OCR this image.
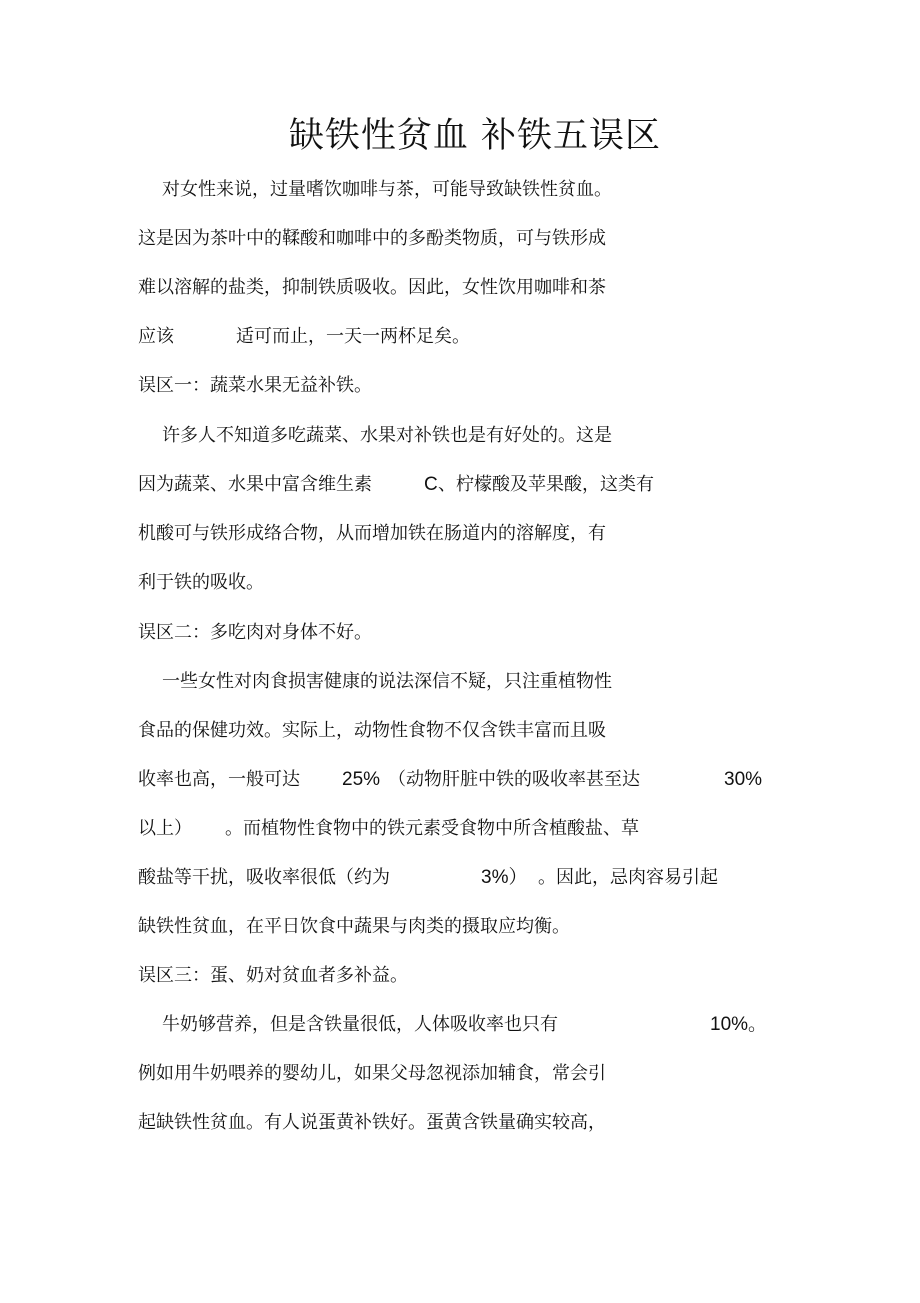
缺铁性贫血 补铁五误区

对女性来说，过量嗜饮咖啡与茶，可能导致缺铁性贫血。

这是因为茶叶中的鞣酸和咖啡中的多酚类物质，可与铁形成

难以溶解的盐类，抑制铁质吸收。因此，女性饮用咖啡和茶

应该	适可而止，一天一两杯足矣。

误区一：蔬菜水果无益补铁。

许多人不知道多吃蔬菜、水果对补铁也是有好处的。这是

因为蔬菜、水果中富含维生素	C 、柠檬酸及苹果酸，这类有

机酸可与铁形成络合物，从而增加铁在肠道内的溶解度，有

利于铁的吸收。

误区二：多吃肉对身体不好。

一些女性对肉食损害健康的说法深信不疑，只注重植物性

食品的保健功效。实际上，动物性食物不仅含铁丰富而且吸

收率也高，一般可达 25% （动物肝脏中铁的吸收率甚至达	30%

以上） 。而植物性食物中的铁元素受食物中所含植酸盐、草

酸盐等干扰，吸收率很低（约为	3%） 。因此，忌肉容易引起

缺铁性贫血，在平日饮食中蔬果与肉类的摄取应均衡。

误区三：蛋、奶对贫血者多补益。

牛奶够营养，但是含铁量很低，人体吸收率也只有	10%。

例如用牛奶喂养的婴幼儿，如果父母忽视添加辅食，常会引

起缺铁性贫血。有人说蛋黄补铁好。蛋黄含铁量确实较高，
